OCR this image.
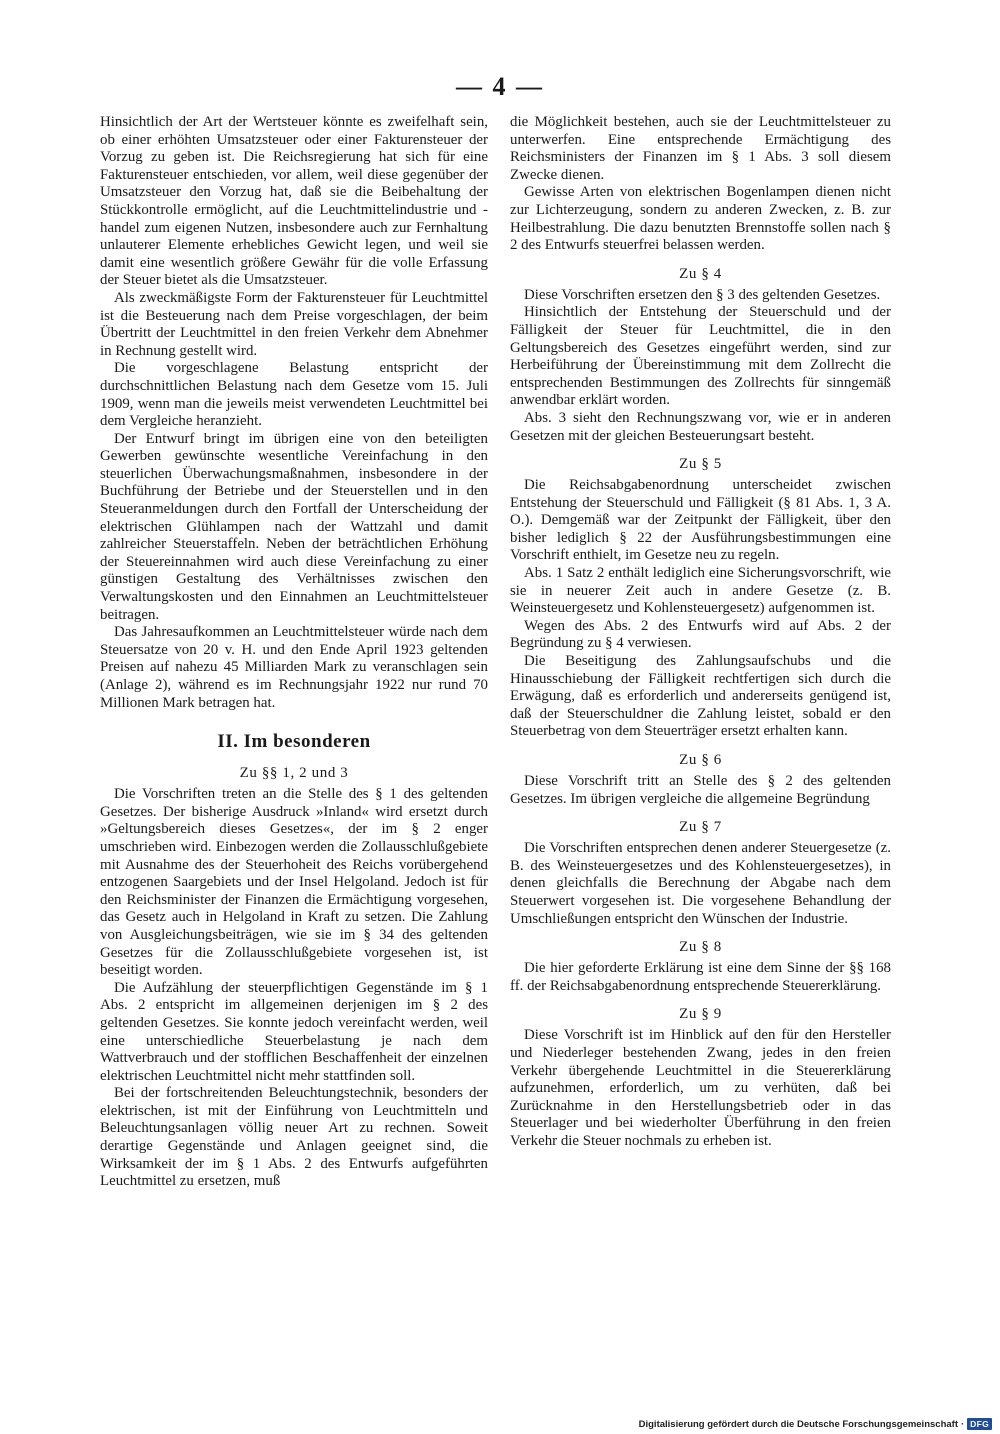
— 4 —

Hinsichtlich der Art der Wertsteuer könnte es zweifelhaft sein, ob einer erhöhten Umsatzsteuer oder einer Fakturensteuer der Vorzug zu geben ist. Die Reichsregierung hat sich für eine Fakturensteuer entschieden, vor allem, weil diese gegenüber der Umsatzsteuer den Vorzug hat, daß sie die Beibehaltung der Stückkontrolle ermöglicht, auf die Leuchtmittelindustrie und -handel zum eigenen Nutzen, insbesondere auch zur Fernhaltung unlauterer Elemente erhebliches Gewicht legen, und weil sie damit eine wesentlich größere Gewähr für die volle Erfassung der Steuer bietet als die Umsatzsteuer.

Als zweckmäßigste Form der Fakturensteuer für Leuchtmittel ist die Besteuerung nach dem Preise vorgeschlagen, der beim Übertritt der Leuchtmittel in den freien Verkehr dem Abnehmer in Rechnung gestellt wird.

Die vorgeschlagene Belastung entspricht der durchschnittlichen Belastung nach dem Gesetze vom 15. Juli 1909, wenn man die jeweils meist verwendeten Leuchtmittel bei dem Vergleiche heranzieht.

Der Entwurf bringt im übrigen eine von den beteiligten Gewerben gewünschte wesentliche Vereinfachung in den steuerlichen Überwachungsmaßnahmen, insbesondere in der Buchführung der Betriebe und der Steuerstellen und in den Steueranmeldungen durch den Fortfall der Unterscheidung der elektrischen Glühlampen nach der Wattzahl und damit zahlreicher Steuerstaffeln. Neben der beträchtlichen Erhöhung der Steuereinnahmen wird auch diese Vereinfachung zu einer günstigen Gestaltung des Verhältnisses zwischen den Verwaltungskosten und den Einnahmen an Leuchtmittelsteuer beitragen.

Das Jahresaufkommen an Leuchtmittelsteuer würde nach dem Steuersatze von 20 v. H. und den Ende April 1923 geltenden Preisen auf nahezu 45 Milliarden Mark zu veranschlagen sein (Anlage 2), während es im Rechnungsjahr 1922 nur rund 70 Millionen Mark betragen hat.

II. Im besonderen
Zu §§ 1, 2 und 3

Die Vorschriften treten an die Stelle des § 1 des geltenden Gesetzes. Der bisherige Ausdruck »Inland« wird ersetzt durch »Geltungsbereich dieses Gesetzes«, der im § 2 enger umschrieben wird. Einbezogen werden die Zollausschlußgebiete mit Ausnahme des der Steuerhoheit des Reichs vorübergehend entzogenen Saargebiets und der Insel Helgoland. Jedoch ist für den Reichsminister der Finanzen die Ermächtigung vorgesehen, das Gesetz auch in Helgoland in Kraft zu setzen. Die Zahlung von Ausgleichungsbeiträgen, wie sie im § 34 des geltenden Gesetzes für die Zollausschlußgebiete vorgesehen ist, ist beseitigt worden.

Die Aufzählung der steuerpflichtigen Gegenstände im § 1 Abs. 2 entspricht im allgemeinen derjenigen im § 2 des geltenden Gesetzes. Sie konnte jedoch vereinfacht werden, weil eine unterschiedliche Steuerbelastung je nach dem Wattverbrauch und der stofflichen Beschaffenheit der einzelnen elektrischen Leuchtmittel nicht mehr stattfinden soll.

Bei der fortschreitenden Beleuchtungstechnik, besonders der elektrischen, ist mit der Einführung von Leuchtmitteln und Beleuchtungsanlagen völlig neuer Art zu rechnen. Soweit derartige Gegenstände und Anlagen geeignet sind, die Wirksamkeit der im § 1 Abs. 2 des Entwurfs aufgeführten Leuchtmittel zu ersetzen, muß

die Möglichkeit bestehen, auch sie der Leuchtmittelsteuer zu unterwerfen. Eine entsprechende Ermächtigung des Reichsministers der Finanzen im § 1 Abs. 3 soll diesem Zwecke dienen.

Gewisse Arten von elektrischen Bogenlampen dienen nicht zur Lichterzeugung, sondern zu anderen Zwecken, z. B. zur Heilbestrahlung. Die dazu benutzten Brennstoffe sollen nach § 2 des Entwurfs steuerfrei belassen werden.

Zu § 4

Diese Vorschriften ersetzen den § 3 des geltenden Gesetzes.

Hinsichtlich der Entstehung der Steuerschuld und der Fälligkeit der Steuer für Leuchtmittel, die in den Geltungsbereich des Gesetzes eingeführt werden, sind zur Herbeiführung der Übereinstimmung mit dem Zollrecht die entsprechenden Bestimmungen des Zollrechts für sinngemäß anwendbar erklärt worden.

Abs. 3 sieht den Rechnungszwang vor, wie er in anderen Gesetzen mit der gleichen Besteuerungsart besteht.

Zu § 5

Die Reichsabgabenordnung unterscheidet zwischen Entstehung der Steuerschuld und Fälligkeit (§ 81 Abs. 1, 3 A. O.). Demgemäß war der Zeitpunkt der Fälligkeit, über den bisher lediglich § 22 der Ausführungsbestimmungen eine Vorschrift enthielt, im Gesetze neu zu regeln.

Abs. 1 Satz 2 enthält lediglich eine Sicherungsvorschrift, wie sie in neuerer Zeit auch in andere Gesetze (z. B. Weinsteuergesetz und Kohlensteuergesetz) aufgenommen ist.

Wegen des Abs. 2 des Entwurfs wird auf Abs. 2 der Begründung zu § 4 verwiesen.

Die Beseitigung des Zahlungsaufschubs und die Hinausschiebung der Fälligkeit rechtfertigen sich durch die Erwägung, daß es erforderlich und andererseits genügend ist, daß der Steuerschuldner die Zahlung leistet, sobald er den Steuerbetrag von dem Steuerträger ersetzt erhalten kann.

Zu § 6

Diese Vorschrift tritt an Stelle des § 2 des geltenden Gesetzes. Im übrigen vergleiche die allgemeine Begründung

Zu § 7

Die Vorschriften entsprechen denen anderer Steuergesetze (z. B. des Weinsteuergesetzes und des Kohlensteuergesetzes), in denen gleichfalls die Berechnung der Abgabe nach dem Steuerwert vorgesehen ist. Die vorgesehene Behandlung der Umschließungen entspricht den Wünschen der Industrie.

Zu § 8

Die hier geforderte Erklärung ist eine dem Sinne der §§ 168 ff. der Reichsabgabenordnung entsprechende Steuererklärung.

Zu § 9

Diese Vorschrift ist im Hinblick auf den für den Hersteller und Niederleger bestehenden Zwang, jedes in den freien Verkehr übergehende Leuchtmittel in die Steuererklärung aufzunehmen, erforderlich, um zu verhüten, daß bei Zurücknahme in den Herstellungsbetrieb oder in das Steuerlager und bei wiederholter Überführung in den freien Verkehr die Steuer nochmals zu erheben ist.

Digitalisierung gefördert durch die Deutsche Forschungsgemeinschaft · DFG
